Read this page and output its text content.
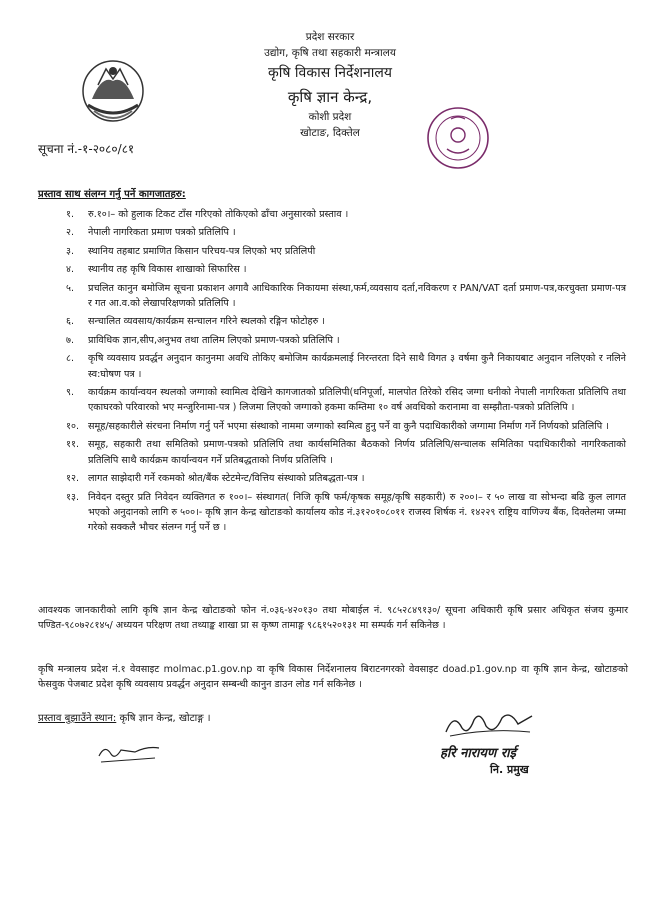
प्रदेश सरकार
उद्योग, कृषि तथा सहकारी मन्त्रालय
कृषि विकास निर्देशनालय
कृषि ज्ञान केन्द्र,
कोशी प्रदेश
खोटाङ, दिक्तेल
सूचना नं.-१-२०८०/८१
प्रस्ताव साथ संलग्न गर्नु पर्ने कागजातहरु:
१. रु.१०।– को हुलाक टिकट टाँस गरिएको तोकिएको ढाँचा अनुसारको प्रस्ताव ।
२. नेपाली नागरिकता प्रमाण पत्रको प्रतिलिपि ।
३. स्थानिय तहबाट प्रमाणित किसान परिचय-पत्र लिएको भए प्रतिलिपी
४. स्थानीय तह कृषि विकास शाखाको सिफारिस ।
५. प्रचलित कानुन बमोजिम सूचना प्रकाशन अगावै आधिकारिक निकायमा संस्था,फर्म,व्यवसाय दर्ता,नविकरण र PAN/VAT दर्ता प्रमाण-पत्र,करचुक्ता प्रमाण-पत्र र गत आ.व.को लेखापरिक्षणको प्रतिलिपि ।
६. सन्चालित व्यवसाय/कार्यक्रम सन्चालन गरिने स्थलको रङ्गिन फोटोहरु ।
७. प्राविधिक ज्ञान,सीप,अनुभव तथा तालिम लिएको प्रमाण-पत्रको प्रतिलिपि ।
८. कृषि व्यवसाय प्रवर्द्धन अनुदान कानुनमा अवधि तोकिए बमोजिम कार्यक्रमलाई निरन्तरता दिने साथै विगत ३ वर्षमा कुनै निकायबाट अनुदान नलिएको र नलिने स्व:घोषण पत्र ।
९. कार्यक्रम कार्यान्वयन स्थलको जग्गाको स्वामित्व देखिने कागजातको प्रतिलिपी(धनिपूर्जा, मालपोत तिरेको रसिद जग्गा धनीको नेपाली नागरिकता प्रतिलिपि तथा एकाघरको परिवारको भए मन्जुरिनामा-पत्र ) लिजमा लिएको जग्गाको हकमा कम्तिमा १० वर्ष अवधिको करानामा वा सम्झौता-पत्रको प्रतिलिपि ।
१०. समूह/सहकारीले संरचना निर्माण गर्नु पर्ने भएमा संस्थाको नाममा जग्गाको स्वमित्व हुनु पर्ने वा कुनै पदाधिकारीको जग्गामा निर्माण गर्ने निर्णयको प्रतिलिपि ।
११. समूह, सहकारी तथा समितिको प्रमाण-पत्रको प्रतिलिपि तथा कार्यसमितिका बैठकको निर्णय प्रतिलिपि/सन्चालक समितिका पदाधिकारीको नागरिकताको प्रतिलिपि साथै कार्यक्रम कार्यान्वयन गर्ने प्रतिबद्धताको निर्णय प्रतिलिपि ।
१२. लागत साझेदारी गर्ने रकमको श्रोत/बैंक स्टेटमेन्ट/वित्तिय संस्थाको प्रतिबद्धता-पत्र ।
१३. निवेदन दस्तुर प्रति निवेदन व्यक्तिगत रु १००।– संस्थागत( निजि कृषि फर्म/कृषक समूह/कृषि सहकारी) रु २००।– र ५० लाख वा सोभन्दा बढि कुल लागत भएको अनुदानको लागि रु ५००।- कृषि ज्ञान केन्द्र खोटाङको कार्यालय कोड नं.३१२०१०८०११ राजस्व शिर्षक नं. १४२२९ राष्ट्रिय वाणिज्य बैंक, दिक्तेलमा जम्मा गरेको सक्कलै भौचर संलग्न गर्नु पर्ने छ ।
आवश्यक जानकारीको लागि कृषि ज्ञान केन्द्र खोटाङको फोन नं.०३६-४२०१३० तथा मोबाईल नं. ९८५२८४९१३०/ सूचना अधिकारी कृषि प्रसार अधिकृत संजय कुमार पण्डित-९८०७२८१४५/ अध्ययन परिक्षण तथा तथ्याङ्क शाखा प्रा स कृष्ण तामाङ्ग ९८६१५२०१३१ मा सम्पर्क गर्न सकिनेछ ।
कृषि मन्त्रालय प्रदेश नं.१ वेवसाइट molmac.p1.gov.np वा कृषि विकास निर्देशनालय बिराटनगरको वेवसाइट doad.p1.gov.np वा कृषि ज्ञान केन्द्र, खोटाङको फेसवुक पेजबाट प्रदेश कृषि व्यवसाय प्रवर्द्धन अनुदान सम्बन्धी कानुन डाउन लोड गर्न सकिनेछ ।
प्रस्ताव बुझाउँने स्थान: कृषि ज्ञान केन्द्र, खोटाङ्ग ।
हरि नारायण राई
नि. प्रमुख
